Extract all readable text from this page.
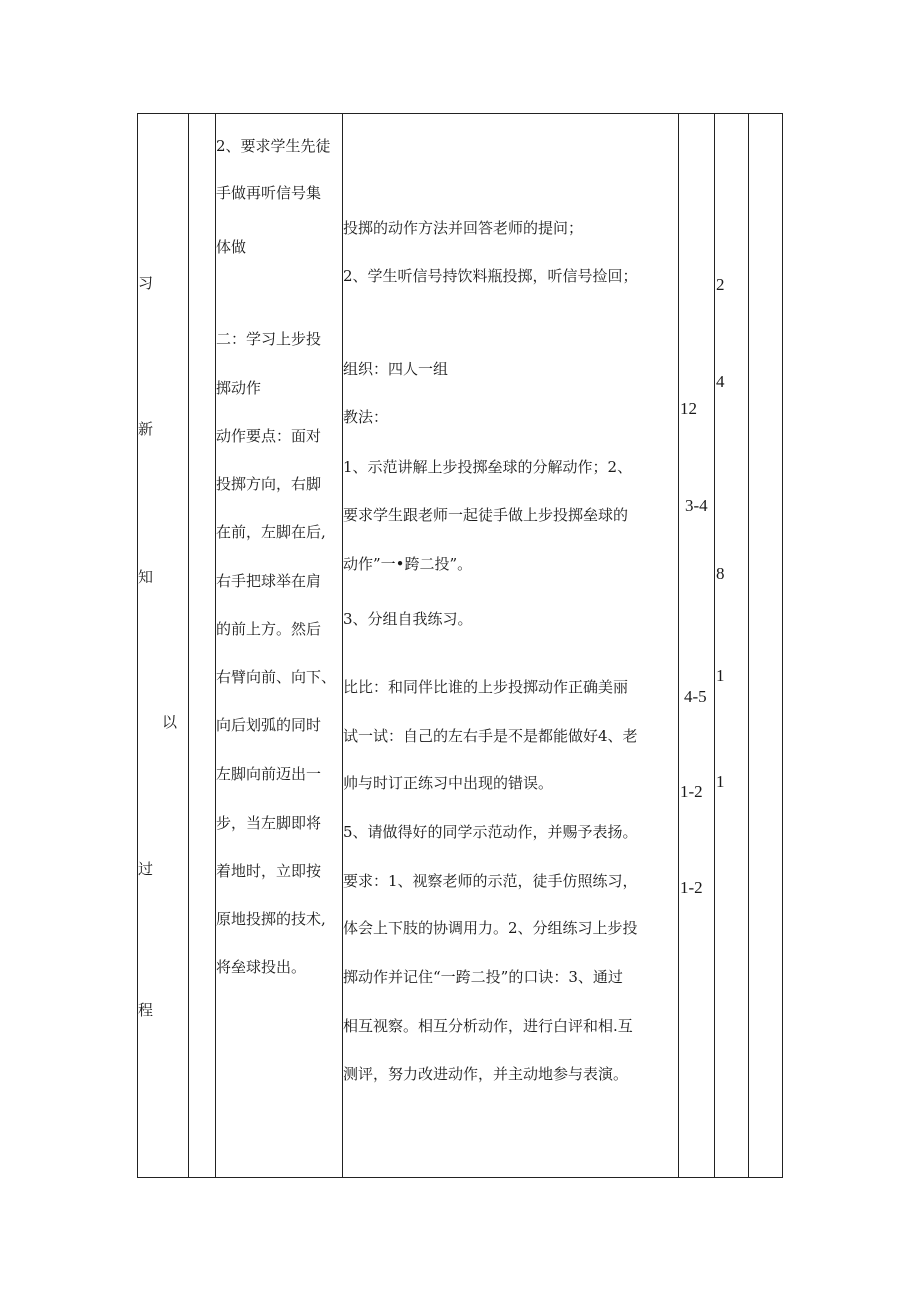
习
新
知
以
过
程
2、要求学生先徒
手做再听信号集
体做
二：学习上步投
掷动作
动作要点：面对
投掷方向，右脚
在前，左脚在后,
右手把球举在肩
的前上方。然后
右臂向前、向下、
向后划弧的同时
左脚向前迈出一
步，当左脚即将
着地时，立即按
原地投掷的技术,
将垒球投出。
投掷的动作方法并回答老师的提问；
2、学生听信号持饮料瓶投掷，听信号捡回；
组织：四人一组
教法：
1、示范讲解上步投掷垒球的分解动作；2、
要求学生跟老师一起徒手做上步投掷垒球的
动作”一•跨二投”。
3、分组自我练习。
比比：和同伴比谁的上步投掷动作正确美丽
试一试：自己的左右手是不是都能做好4、老
帅与时订正练习中出现的错误。
5、请做得好的同学示范动作，并赐予表扬。
要求：1、视察老师的示范，徒手仿照练习，
体会上下肢的协调用力。2、分组练习上步投
掷动作并记住“一跨二投”的口诀：3、通过
相互视察。相互分析动作，进行白评和相.互
测评，努力改进动作，并主动地参与表演。
12
3-4
4-5
1-2
1-2
2
4
8
1
1
